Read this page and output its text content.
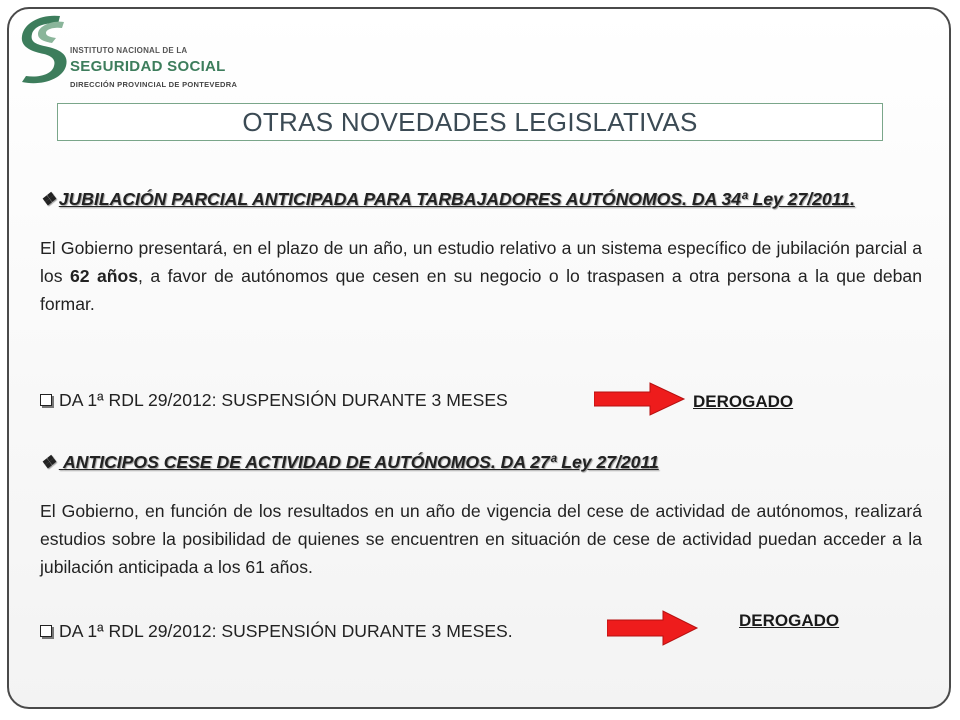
INSTITUTO NACIONAL DE LA
SEGURIDAD SOCIAL
DIRECCIÓN PROVINCIAL DE PONTEVEDRA
OTRAS NOVEDADES LEGISLATIVAS
❖ JUBILACIÓN PARCIAL ANTICIPADA PARA TARBAJADORES AUTÓNOMOS. DA 34ª Ley 27/2011.

El Gobierno presentará, en el plazo de un año, un estudio relativo a un sistema específico de jubilación parcial a los 62 años, a favor de autónomos que cesen en su negocio o lo traspasen a otra persona a la que deban formar.

DA 1ª RDL 29/2012: SUSPENSIÓN DURANTE 3 MESES	DEROGADO
❖ ANTICIPOS CESE DE ACTIVIDAD DE AUTÓNOMOS. DA 27ª Ley 27/2011

El Gobierno, en función de los resultados en un año de vigencia del cese de actividad de autónomos, realizará estudios sobre la posibilidad de quienes se encuentren en situación de cese de actividad puedan acceder a la jubilación anticipada a los 61 años.

DA 1ª RDL 29/2012: SUSPENSIÓN DURANTE 3 MESES.
DEROGADO
